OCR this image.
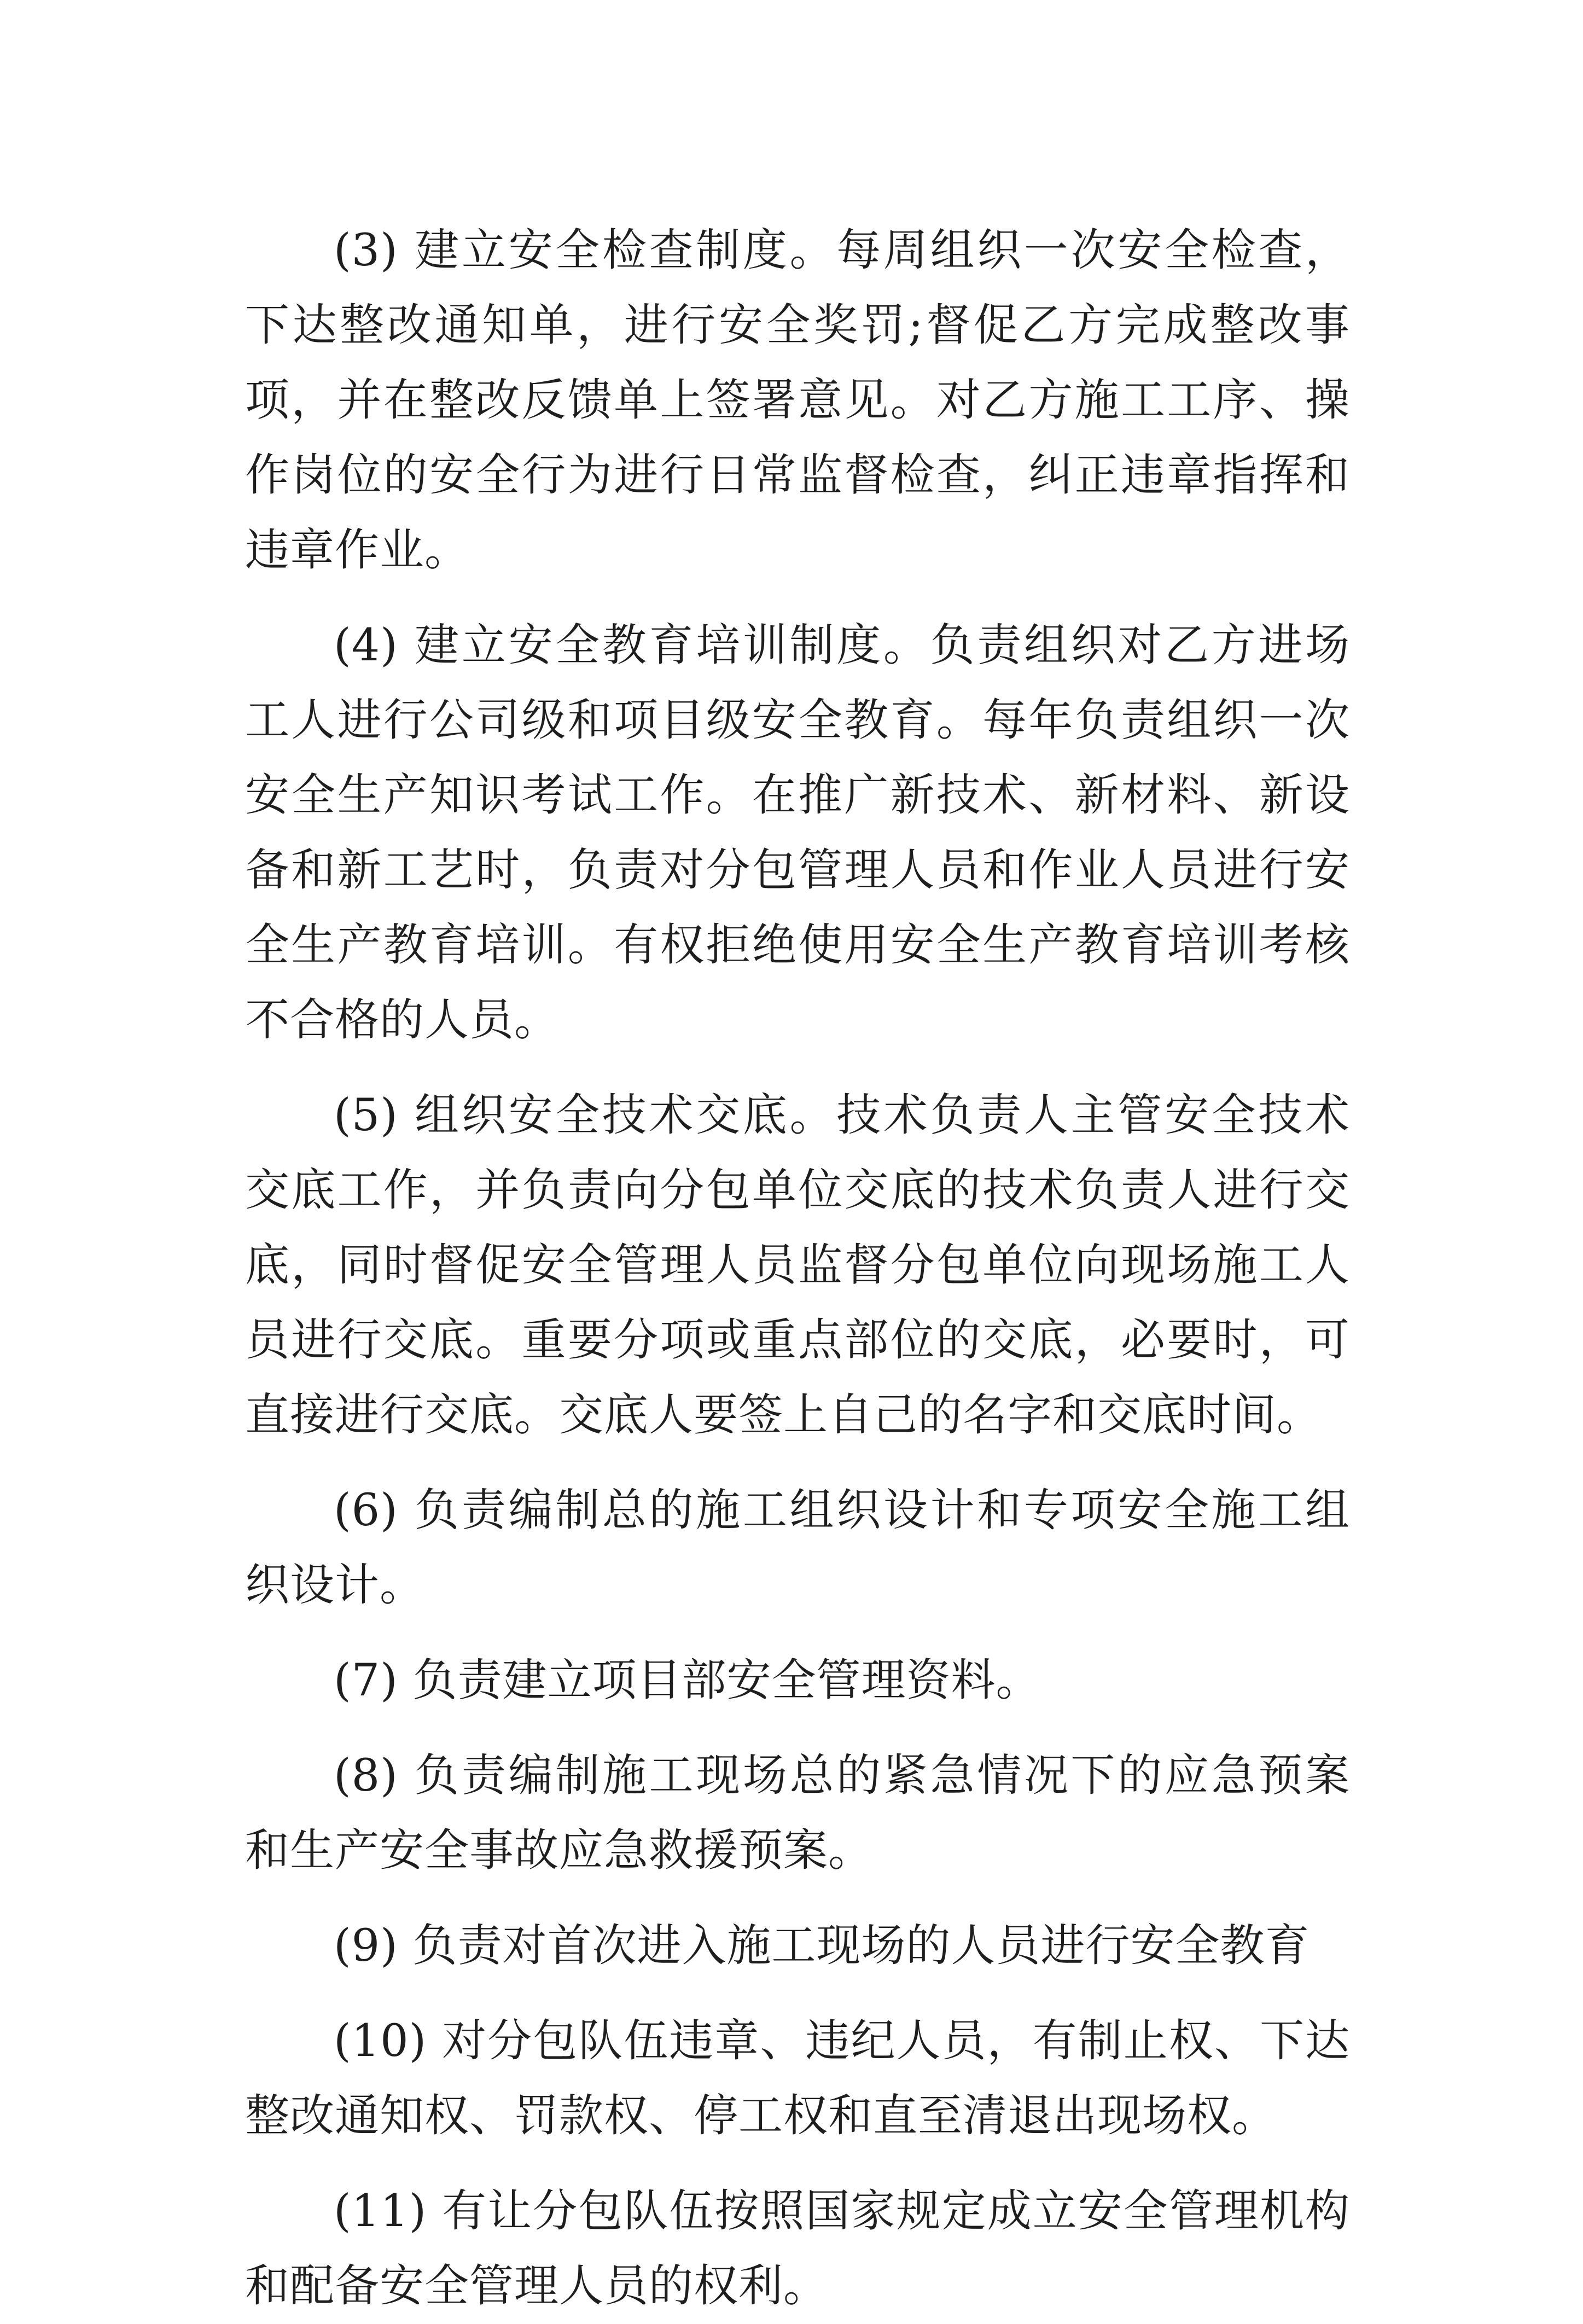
(3) 建立安全检查制度。每周组织一次安全检查，下达整改通知单，进行安全奖罚;督促乙方完成整改事项，并在整改反馈单上签署意见。对乙方施工工序、操作岗位的安全行为进行日常监督检查，纠正违章指挥和违章作业。

(4) 建立安全教育培训制度。负责组织对乙方进场工人进行公司级和项目级安全教育。每年负责组织一次安全生产知识考试工作。在推广新技术、新材料、新设备和新工艺时，负责对分包管理人员和作业人员进行安全生产教育培训。有权拒绝使用安全生产教育培训考核不合格的人员。

(5) 组织安全技术交底。技术负责人主管安全技术交底工作，并负责向分包单位交底的技术负责人进行交底，同时督促安全管理人员监督分包单位向现场施工人员进行交底。重要分项或重点部位的交底，必要时，可直接进行交底。交底人要签上自己的名字和交底时间。

(6) 负责编制总的施工组织设计和专项安全施工组织设计。

(7) 负责建立项目部安全管理资料。

(8) 负责编制施工现场总的紧急情况下的应急预案和生产安全事故应急救援预案。

(9) 负责对首次进入施工现场的人员进行安全教育

(10) 对分包队伍违章、违纪人员，有制止权、下达整改通知权、罚款权、停工权和直至清退出现场权。

(11) 有让分包队伍按照国家规定成立安全管理机构和配备安全管理人员的权利。
